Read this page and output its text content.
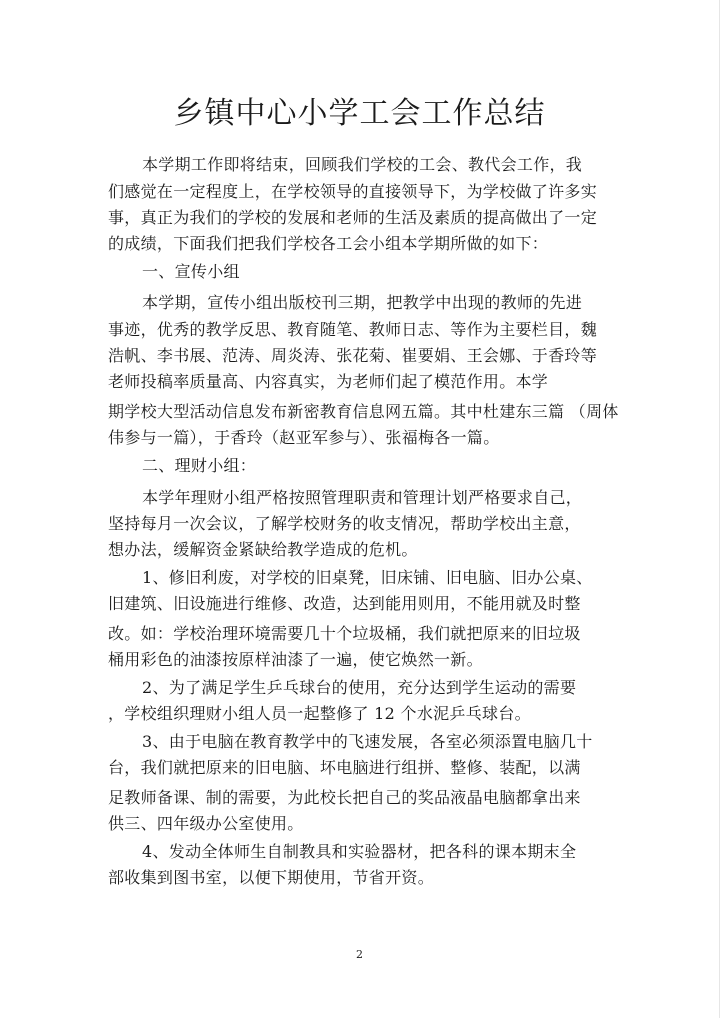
乡镇中心小学工会工作总结
本学期工作即将结束，回顾我们学校的工会、教代会工作，我
们感觉在一定程度上，在学校领导的直接领导下，为学校做了许多实
事，真正为我们的学校的发展和老师的生活及素质的提高做出了一定
的成绩，下面我们把我们学校各工会小组本学期所做的如下：
一、宣传小组
本学期，宣传小组出版校刊三期，把教学中出现的教师的先进
事迹，优秀的教学反思、教育随笔、教师日志、等作为主要栏目，魏
浩帆、李书展、范涛、周炎涛、张花菊、崔要娟、王会娜、于香玲等
老师投稿率质量高、内容真实，为老师们起了模范作用。本学
期学校大型活动信息发布新密教育信息网五篇。其中杜建东三篇 （周体
伟参与一篇），于香玲（赵亚军参与）、张福梅各一篇。
二、理财小组：
本学年理财小组严格按照管理职责和管理计划严格要求自己，
坚持每月一次会议，了解学校财务的收支情况，帮助学校出主意，
想办法，缓解资金紧缺给教学造成的危机。
1、修旧利废，对学校的旧桌凳，旧床铺、旧电脑、旧办公桌、
旧建筑、旧设施进行维修、改造，达到能用则用，不能用就及时整
改。如：学校治理环境需要几十个垃圾桶，我们就把原来的旧垃圾
桶用彩色的油漆按原样油漆了一遍，使它焕然一新。
2、为了满足学生乒乓球台的使用，充分达到学生运动的需要
，学校组织理财小组人员一起整修了 12 个水泥乒乓球台。
3、由于电脑在教育教学中的飞速发展，各室必须添置电脑几十
台，我们就把原来的旧电脑、坏电脑进行组拼、整修、装配，以满
足教师备课、制的需要，为此校长把自己的奖品液晶电脑都拿出来
供三、四年级办公室使用。
4、发动全体师生自制教具和实验器材，把各科的课本期末全
部收集到图书室，以便下期使用，节省开资。
2
